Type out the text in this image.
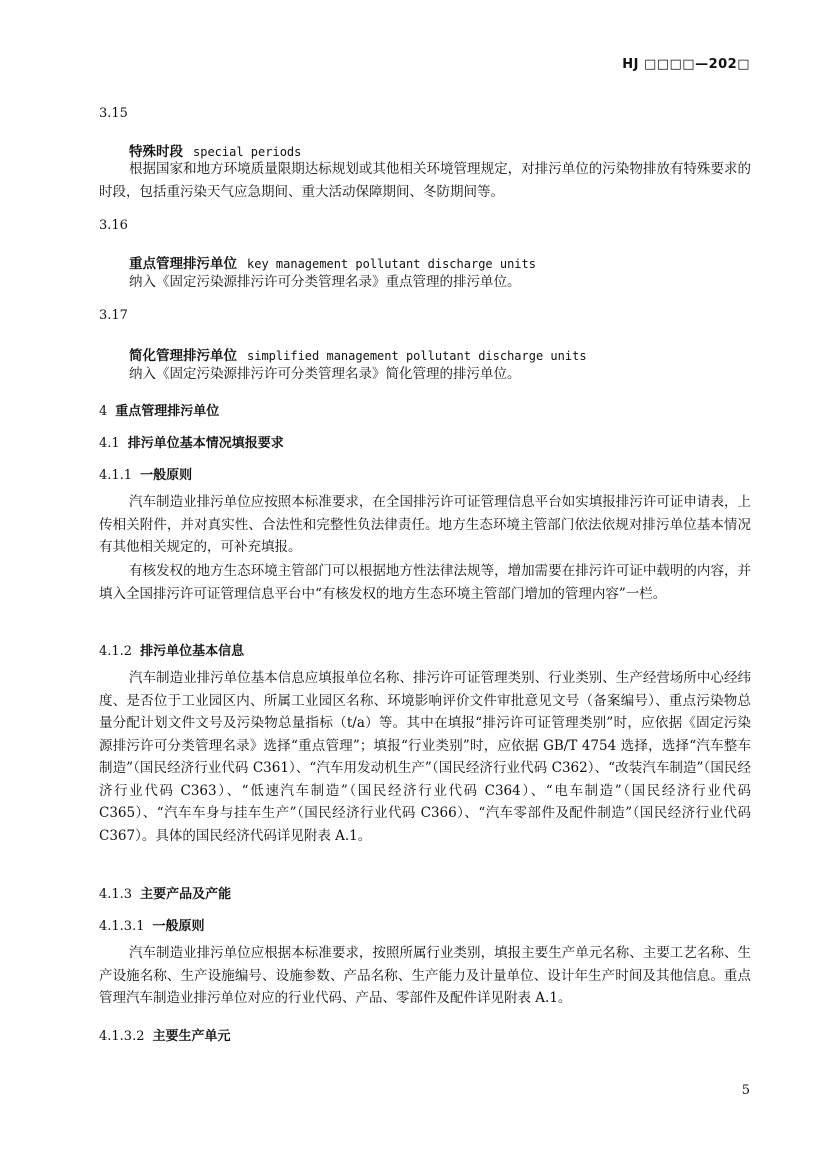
HJ □□□□—202□
3.15
特殊时段 special periods
根据国家和地方环境质量限期达标规划或其他相关环境管理规定，对排污单位的污染物排放有特殊要求的时段，包括重污染天气应急期间、重大活动保障期间、冬防期间等。
3.16
重点管理排污单位 key management pollutant discharge units
纳入《固定污染源排污许可分类管理名录》重点管理的排污单位。
3.17
简化管理排污单位 simplified management pollutant discharge units
纳入《固定污染源排污许可分类管理名录》简化管理的排污单位。
4 重点管理排污单位
4.1 排污单位基本情况填报要求
4.1.1 一般原则
汽车制造业排污单位应按照本标准要求，在全国排污许可证管理信息平台如实填报排污许可证申请表，上传相关附件，并对真实性、合法性和完整性负法律责任。地方生态环境主管部门依法依规对排污单位基本情况有其他相关规定的，可补充填报。
有核发权的地方生态环境主管部门可以根据地方性法律法规等，增加需要在排污许可证中载明的内容，并填入全国排污许可证管理信息平台中“有核发权的地方生态环境主管部门增加的管理内容”一栏。
4.1.2 排污单位基本信息
汽车制造业排污单位基本信息应填报单位名称、排污许可证管理类别、行业类别、生产经营场所中心经纬度、是否位于工业园区内、所属工业园区名称、环境影响评价文件审批意见文号（备案编号）、重点污染物总量分配计划文件文号及污染物总量指标（t/a）等。其中在填报“排污许可证管理类别”时，应依据《固定污染源排污许可分类管理名录》选择“重点管理”；填报“行业类别”时，应依据 GB/T 4754 选择，选择“汽车整车制造”（国民经济行业代码 C361）、“汽车用发动机生产”（国民经济行业代码 C362）、“改装汽车制造”（国民经济行业代码 C363）、“低速汽车制造”（国民经济行业代码 C364）、“电车制造”（国民经济行业代码 C365）、“汽车车身与挂车生产”（国民经济行业代码 C366）、“汽车零部件及配件制造”（国民经济行业代码 C367）。具体的国民经济代码详见附表 A.1。
4.1.3 主要产品及产能
4.1.3.1 一般原则
汽车制造业排污单位应根据本标准要求，按照所属行业类别，填报主要生产单元名称、主要工艺名称、生产设施名称、生产设施编号、设施参数、产品名称、生产能力及计量单位、设计年生产时间及其他信息。重点管理汽车制造业排污单位对应的行业代码、产品、零部件及配件详见附表 A.1。
4.1.3.2 主要生产单元
5
